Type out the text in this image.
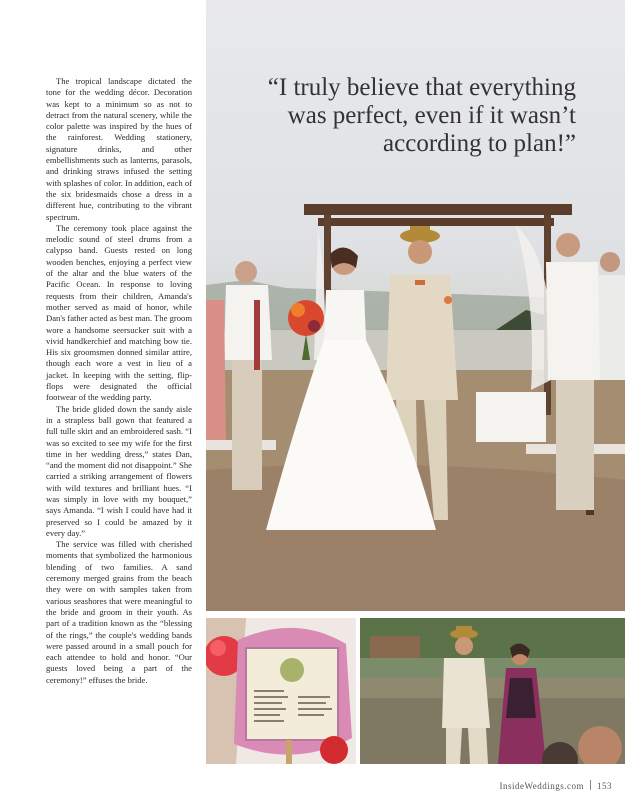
The tropical landscape dictated the tone for the wedding décor. Decoration was kept to a minimum so as not to detract from the natural scenery, while the color palette was inspired by the hues of the rainforest. Wedding stationery, signature drinks, and other embellishments such as lanterns, parasols, and drinking straws infused the setting with splashes of color. In addition, each of the six bridesmaids chose a dress in a different hue, contributing to the vibrant spectrum.

The ceremony took place against the melodic sound of steel drums from a calypso band. Guests rested on long wooden benches, enjoying a perfect view of the altar and the blue waters of the Pacific Ocean. In response to loving requests from their children, Amanda's mother served as maid of honor, while Dan's father acted as best man. The groom wore a handsome seersucker suit with a vivid handkerchief and matching bow tie. His six groomsmen donned similar attire, though each wore a vest in lieu of a jacket. In keeping with the setting, flip-flops were designated the official footwear of the wedding party.

The bride glided down the sandy aisle in a strapless ball gown that featured a full tulle skirt and an embroidered sash. “I was so excited to see my wife for the first time in her wedding dress,” states Dan, “and the moment did not disappoint.” She carried a striking arrangement of flowers with wild textures and brilliant hues. “I was simply in love with my bouquet,” says Amanda. “I wish I could have had it preserved so I could be amazed by it every day.”

The service was filled with cherished moments that symbolized the harmonious blending of two families. A sand ceremony merged grains from the beach they were on with samples taken from various seashores that were meaningful to the bride and groom in their youth. As part of a tradition known as the “blessing of the rings,” the couple's wedding bands were passed around in a small pouch for each attendee to hold and honor. “Our guests loved being a part of the ceremony!” effuses the bride.

“I truly believe that everything was perfect, even if it wasn’t according to plan!”
InsideWeddings.com 153
